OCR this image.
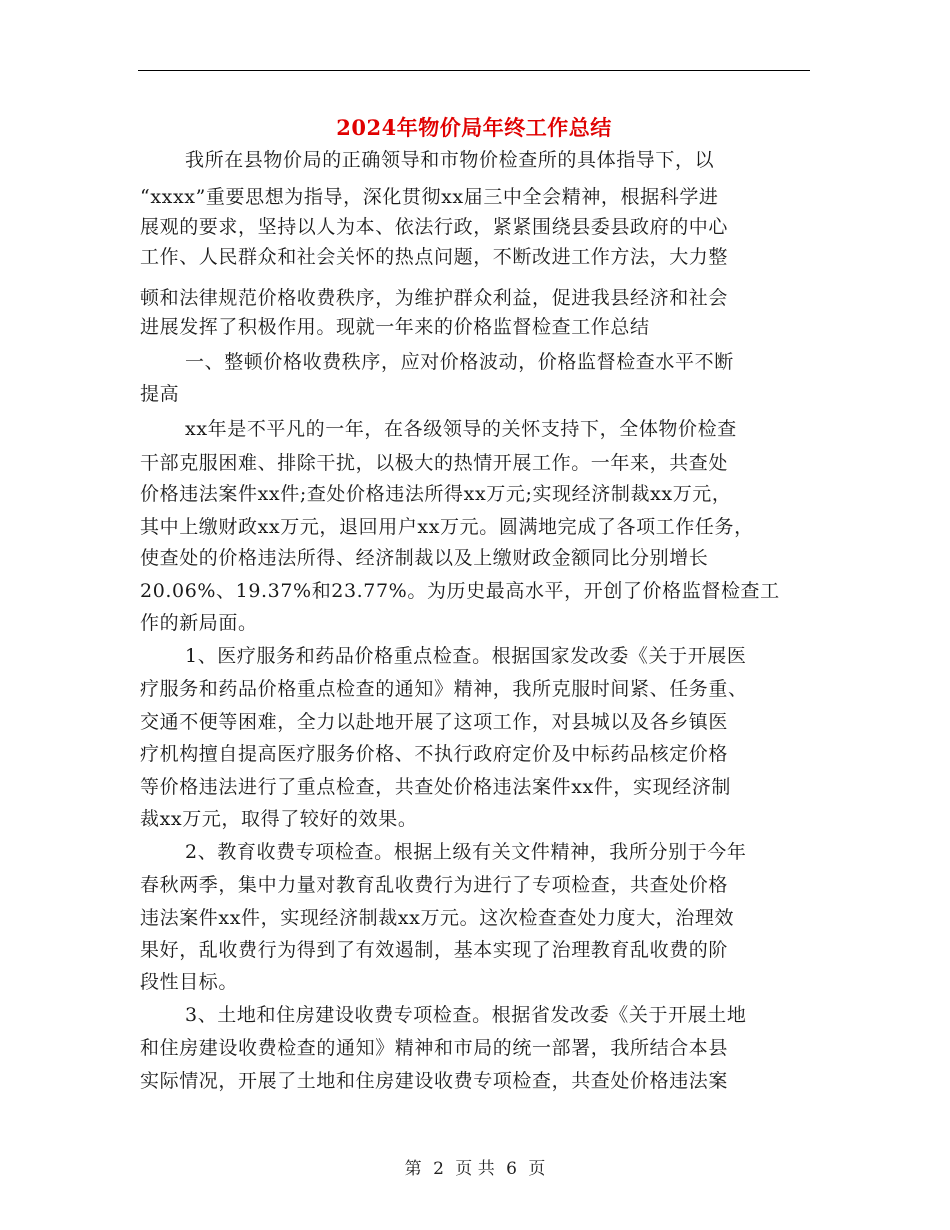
2024年物价局年终工作总结

我所在县物价局的正确领导和市物价检查所的具体指导下，以

“xxxx”重要思想为指导，深化贯彻xx届三中全会精神，根据科学进

展观的要求，坚持以人为本、依法行政，紧紧围绕县委县政府的中心

工作、人民群众和社会关怀的热点问题，不断改进工作方法，大力整

顿和法律规范价格收费秩序，为维护群众利益，促进我县经济和社会

进展发挥了积极作用。现就一年来的价格监督检查工作总结

一、整顿价格收费秩序，应对价格波动，价格监督检查水平不断

提高

xx年是不平凡的一年，在各级领导的关怀支持下，全体物价检查

干部克服困难、排除干扰，以极大的热情开展工作。一年来，共查处

价格违法案件xx件;查处价格违法所得xx万元;实现经济制裁xx万元，

其中上缴财政xx万元，退回用户xx万元。圆满地完成了各项工作任务，

使查处的价格违法所得、经济制裁以及上缴财政金额同比分别增长

20.06%、19.37%和23.77%。为历史最高水平，开创了价格监督检查工

作的新局面。

1、医疗服务和药品价格重点检查。根据国家发改委《关于开展医

疗服务和药品价格重点检查的通知》精神，我所克服时间紧、任务重、

交通不便等困难，全力以赴地开展了这项工作，对县城以及各乡镇医

疗机构擅自提高医疗服务价格、不执行政府定价及中标药品核定价格

等价格违法进行了重点检查，共查处价格违法案件xx件，实现经济制

裁xx万元，取得了较好的效果。

2、教育收费专项检查。根据上级有关文件精神，我所分别于今年

春秋两季，集中力量对教育乱收费行为进行了专项检查，共查处价格

违法案件xx件，实现经济制裁xx万元。这次检查查处力度大，治理效

果好，乱收费行为得到了有效遏制，基本实现了治理教育乱收费的阶

段性目标。

3、土地和住房建设收费专项检查。根据省发改委《关于开展土地

和住房建设收费检查的通知》精神和市局的统一部署，我所结合本县

实际情况，开展了土地和住房建设收费专项检查，共查处价格违法案

第 2 页 共 6 页
